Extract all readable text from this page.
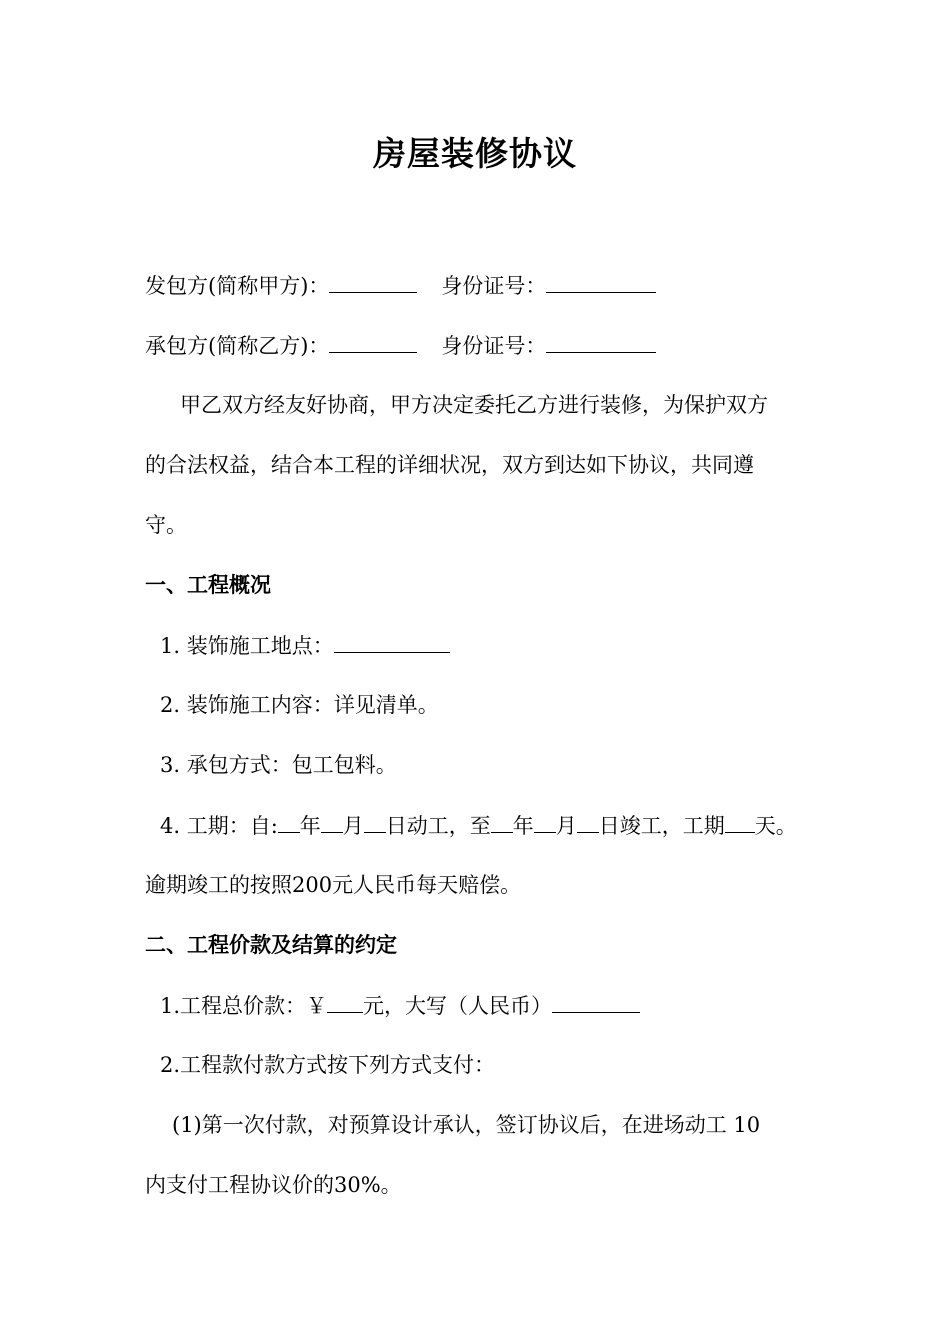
房屋装修协议
发包方(简称甲方)：	身份证号：
承包方(简称乙方)：	身份证号：
甲乙双方经友好协商，甲方决定委托乙方进行装修，为保护双方
的合法权益，结合本工程的详细状况，双方到达如下协议，共同遵
守。
一、工程概况
1. 装饰施工地点：
2. 装饰施工内容：详见清单。
3. 承包方式：包工包料。
4. 工期：自: 年 月 日动工，至 年 月 日竣工，工期 天。
逾期竣工的按照200元人民币每天赔偿。
二、工程价款及结算的约定
1.工程总价款：￥ 元，大写（人民币）
2.工程款付款方式按下列方式支付：
(1)第一次付款，对预算设计承认，签订协议后，在进场动工 10
内支付工程协议价的30%。
